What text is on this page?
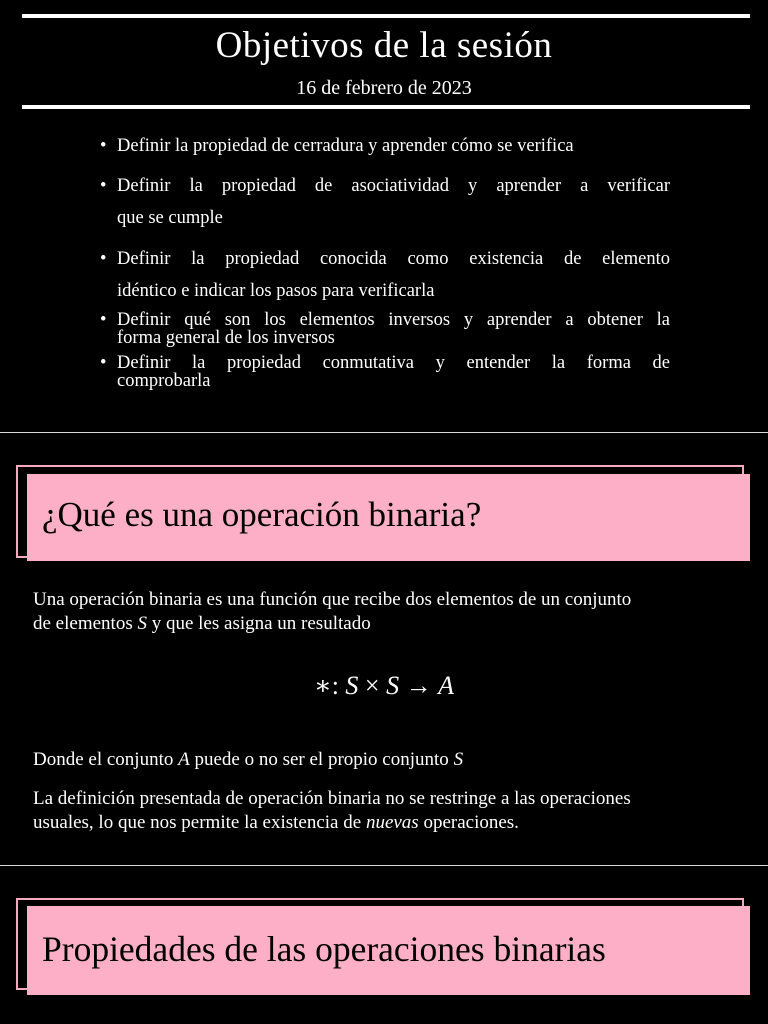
Objetivos de la sesión
16 de febrero de 2023
• Definir la propiedad de cerradura y aprender cómo se verifica
• Definir la propiedad de asociatividad y aprender a verificar
que se cumple
• Definir la propiedad conocida como existencia de elemento
idéntico e indicar los pasos para verificarla
• Definir qué son los elementos inversos y aprender a obtener la
forma general de los inversos
• Definir la propiedad conmutativa y entender la forma de
comprobarla
¿Qué es una operación binaria?
Una operación binaria es una función que recibe dos elementos de un conjunto
de elementos S y que les asigna un resultado
∗: S × S → A
Donde el conjunto A puede o no ser el propio conjunto S
La definición presentada de operación binaria no se restringe a las operaciones
usuales, lo que nos permite la existencia de nuevas operaciones.
Propiedades de las operaciones binarias
